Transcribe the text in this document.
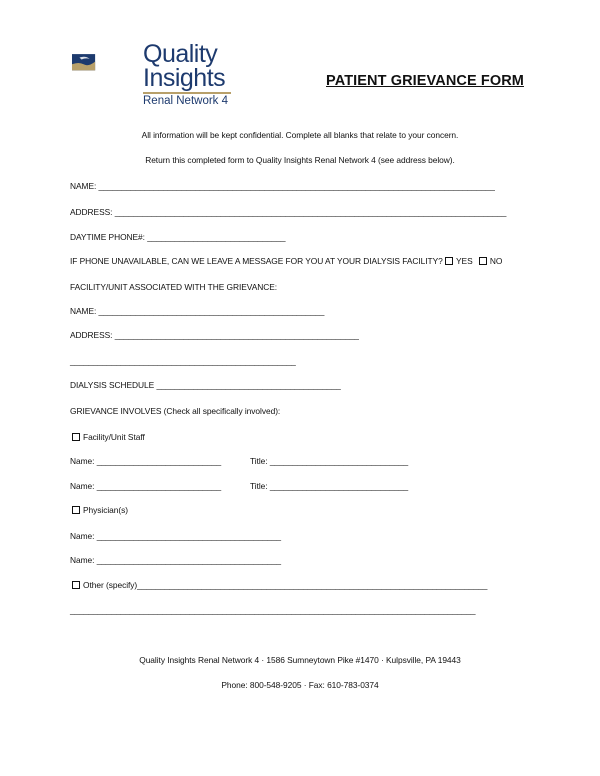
Quality
Insights
Renal Network 4
PATIENT GRIEVANCE FORM
All information will be kept confidential. Complete all blanks that relate to your concern.
Return this completed form to Quality Insights Renal Network 4 (see address below).
NAME: ______________________________________________________________________________________
ADDRESS: _____________________________________________________________________________________
DAYTIME PHONE#: ______________________________
IF PHONE UNAVAILABLE, CAN WE LEAVE A MESSAGE FOR YOU AT YOUR DIALYSIS FACILITY? YES NO
FACILITY/UNIT ASSOCIATED WITH THE GRIEVANCE:
NAME: _________________________________________________
ADDRESS: _____________________________________________________
_________________________________________________
DIALYSIS SCHEDULE ________________________________________
GRIEVANCE INVOLVES (Check all specifically involved):
Facility/Unit Staff
Name: ___________________________	Title: ______________________________
Name: ___________________________	Title: ______________________________
Physician(s)
Name: ________________________________________
Name: ________________________________________
Other (specify)____________________________________________________________________________
________________________________________________________________________________________
Quality Insights Renal Network 4 · 1586 Sumneytown Pike #1470 · Kulpsville, PA 19443
Phone: 800-548-9205 · Fax: 610-783-0374
